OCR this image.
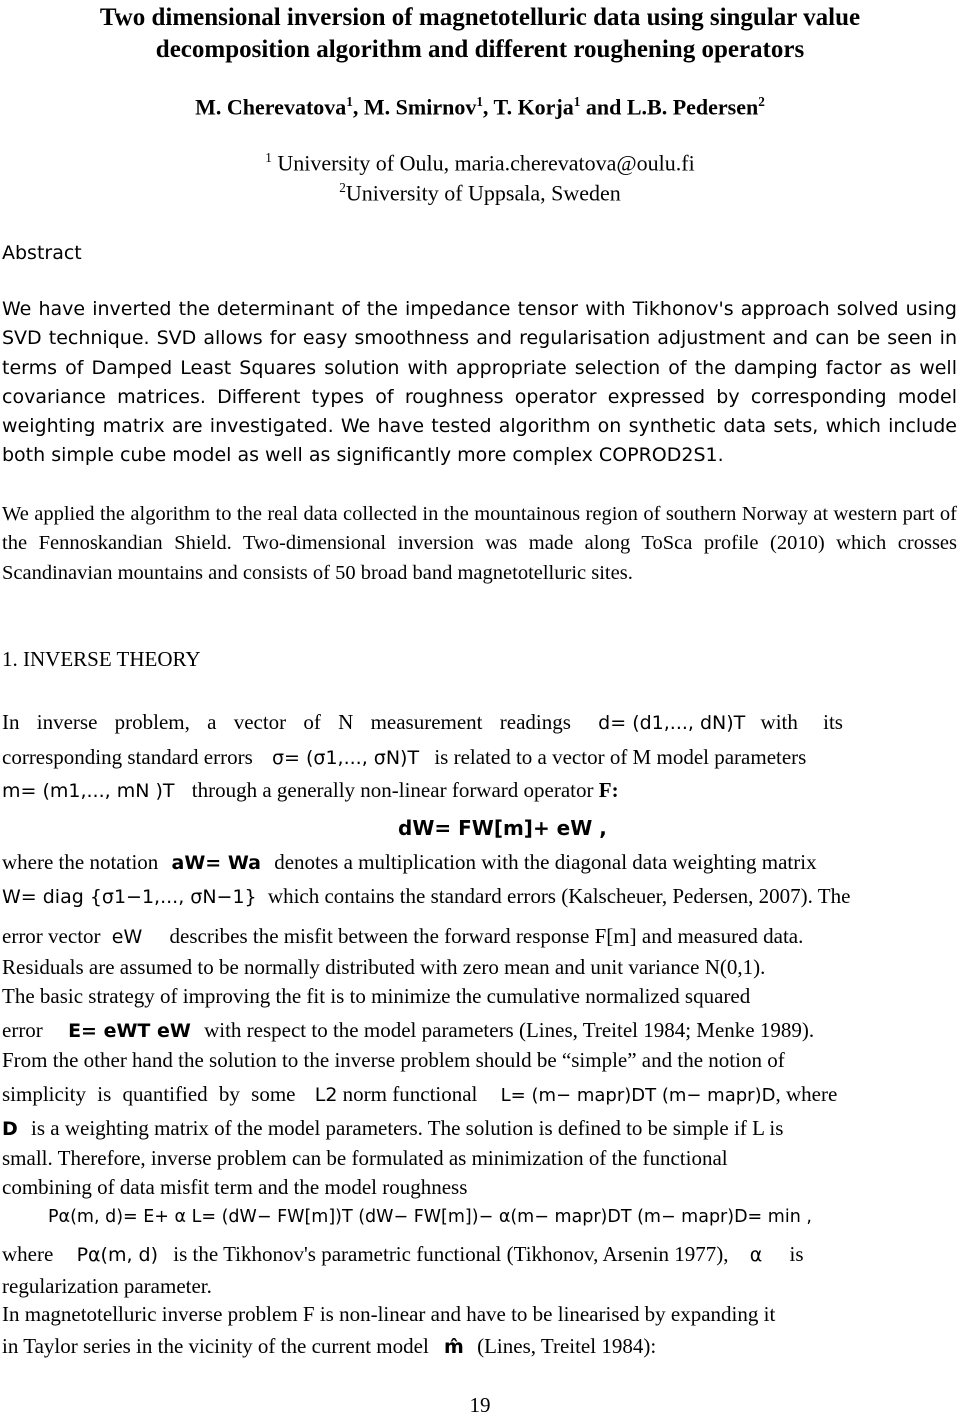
Two dimensional inversion of magnetotelluric data using singular value
decomposition algorithm and different roughening operators
M. Cherevatova$^1$, M. Smirnov$^1$, T. Korja$^1$ and L.B. Pedersen$^2$
$^1$ University of Oulu, maria.cherevatova@oulu.fi
$^2$University of Uppsala, Sweden
Abstract
We have inverted the determinant of the impedance tensor with Tikhonov's approach solved using SVD technique. SVD allows for easy smoothness and regularisation adjustment and can be seen in terms of Damped Least Squares solution with appropriate selection of the damping factor as well covariance matrices. Different types of roughness operator expressed by corresponding model weighting matrix are investigated. We have tested algorithm on synthetic data sets, which include both simple cube model as well as significantly more complex COPROD2S1.
We applied the algorithm to the real data collected in the mountainous region of southern Norway at western part of the Fennoskandian Shield. Two-dimensional inversion was made along ToSca profile (2010) which crosses Scandinavian mountains and consists of 50 broad band magnetotelluric sites.
1. INVERSE THEORY
In inverse problem, a vector of N measurement readings d= (d1,..., dN)T with its
corresponding standard errors σ= (σ1,..., σN)T is related to a vector of M model parameters
m= (m1,..., mN )T through a generally non-linear forward operator F:
dW= FW[m]+ eW ,
where the notation aW= Wa denotes a multiplication with the diagonal data weighting matrix
W= diag {σ1−1,..., σN−1} which contains the standard errors (Kalscheuer, Pedersen, 2007). The
error vector eW describes the misfit between the forward response F[m] and measured data.
Residuals are assumed to be normally distributed with zero mean and unit variance N(0,1).
The basic strategy of improving the fit is to minimize the cumulative normalized squared
error E= eWT eW with respect to the model parameters (Lines, Treitel 1984; Menke 1989).
From the other hand the solution to the inverse problem should be “simple” and the notion of
simplicity is quantified by some L2 norm functional L= (m− mapr)DT (m− mapr)D, where
D is a weighting matrix of the model parameters. The solution is defined to be simple if L is
small. Therefore, inverse problem can be formulated as minimization of the functional
combining of data misfit term and the model roughness
Pα(m, d)= E+ α L= (dW− FW[m])T (dW− FW[m])− α(m− mapr)DT (m− mapr)D= min ,
where Pα(m, d) is the Tikhonov's parametric functional (Tikhonov, Arsenin 1977), α is
regularization parameter.
In magnetotelluric inverse problem F is non-linear and have to be linearised by expanding it
in Taylor series in the vicinity of the current model m̂ (Lines, Treitel 1984):
19
